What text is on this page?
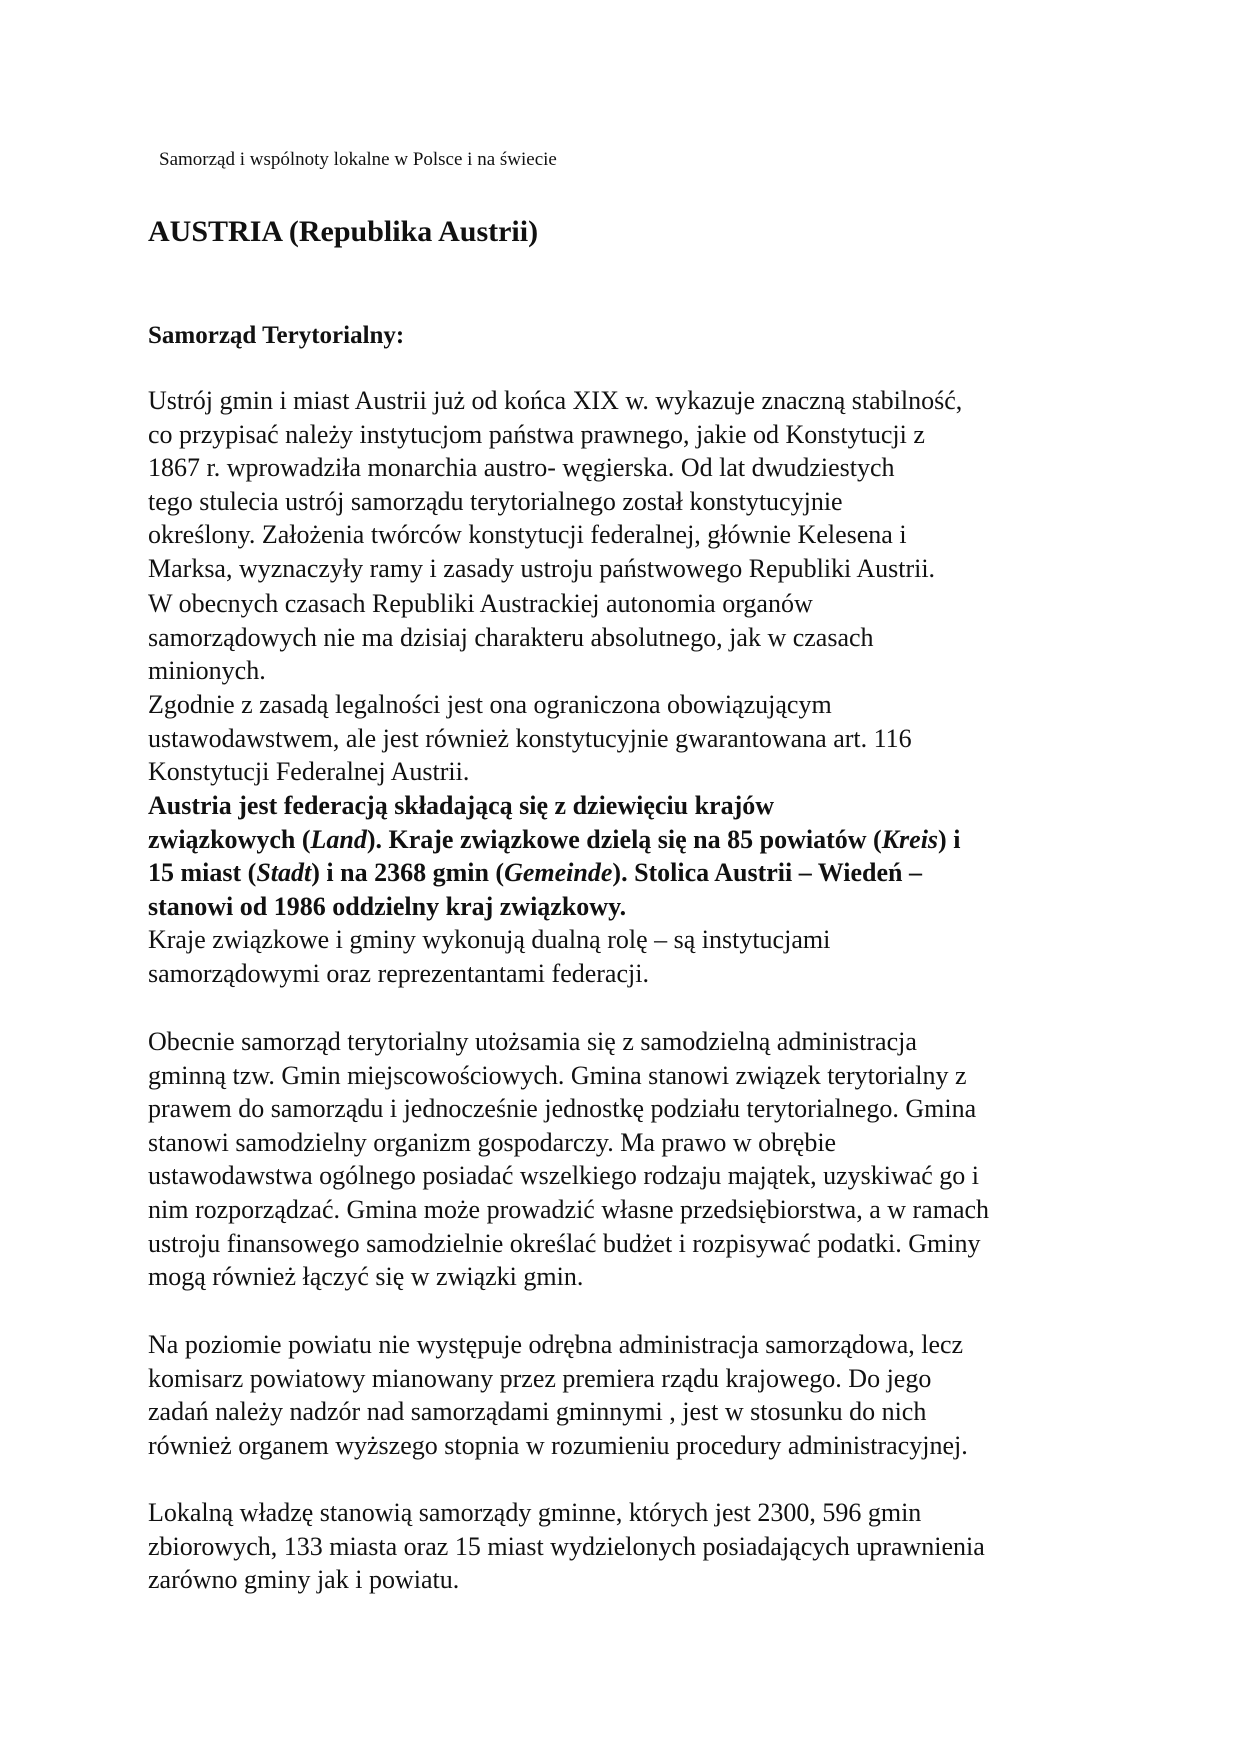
Samorząd i wspólnoty lokalne w Polsce i na świecie
AUSTRIA (Republika Austrii)
Samorząd Terytorialny:

Ustrój gmin i miast Austrii już od końca XIX w. wykazuje znaczną stabilność,
co przypisać należy instytucjom państwa prawnego, jakie od Konstytucji z
1867 r. wprowadziła monarchia austro- węgierska. Od lat dwudziestych
tego stulecia ustrój samorządu terytorialnego został konstytucyjnie
określony. Założenia twórców konstytucji federalnej, głównie Kelesena i
Marksa, wyznaczyły ramy i zasady ustroju państwowego Republiki Austrii.

W obecnych czasach Republiki Austrackiej autonomia organów
samorządowych nie ma dzisiaj charakteru absolutnego, jak w czasach
minionych.

Zgodnie z zasadą legalności jest ona ograniczona obowiązującym
ustawodawstwem, ale jest również konstytucyjnie gwarantowana art. 116
Konstytucji Federalnej Austrii.

Austria jest federacją składającą się z dziewięciu krajów
związkowych (Land). Kraje związkowe dzielą się na 85 powiatów (Kreis) i
15 miast (Stadt) i na 2368 gmin (Gemeinde). Stolica Austrii – Wiedeń –
stanowi od 1986 oddzielny kraj związkowy.

Kraje związkowe i gminy wykonują dualną rolę – są instytucjami
samorządowymi oraz reprezentantami federacji.

Obecnie samorząd terytorialny utożsamia się z samodzielną administracja
gminną tzw. Gmin miejscowościowych. Gmina stanowi związek terytorialny z
prawem do samorządu i jednocześnie jednostkę podziału terytorialnego. Gmina
stanowi samodzielny organizm gospodarczy. Ma prawo w obrębie
ustawodawstwa ogólnego posiadać wszelkiego rodzaju majątek, uzyskiwać go i
nim rozporządzać. Gmina może prowadzić własne przedsiębiorstwa, a w ramach
ustroju finansowego samodzielnie określać budżet i rozpisywać podatki. Gminy
mogą również łączyć się w związki gmin.

Na poziomie powiatu nie występuje odrębna administracja samorządowa, lecz
komisarz powiatowy mianowany przez premiera rządu krajowego. Do jego
zadań należy nadzór nad samorządami gminnymi , jest w stosunku do nich
również organem wyższego stopnia w rozumieniu procedury administracyjnej.

Lokalną władzę stanowią samorządy gminne, których jest 2300, 596 gmin
zbiorowych, 133 miasta oraz 15 miast wydzielonych posiadających uprawnienia
zarówno gminy jak i powiatu.
